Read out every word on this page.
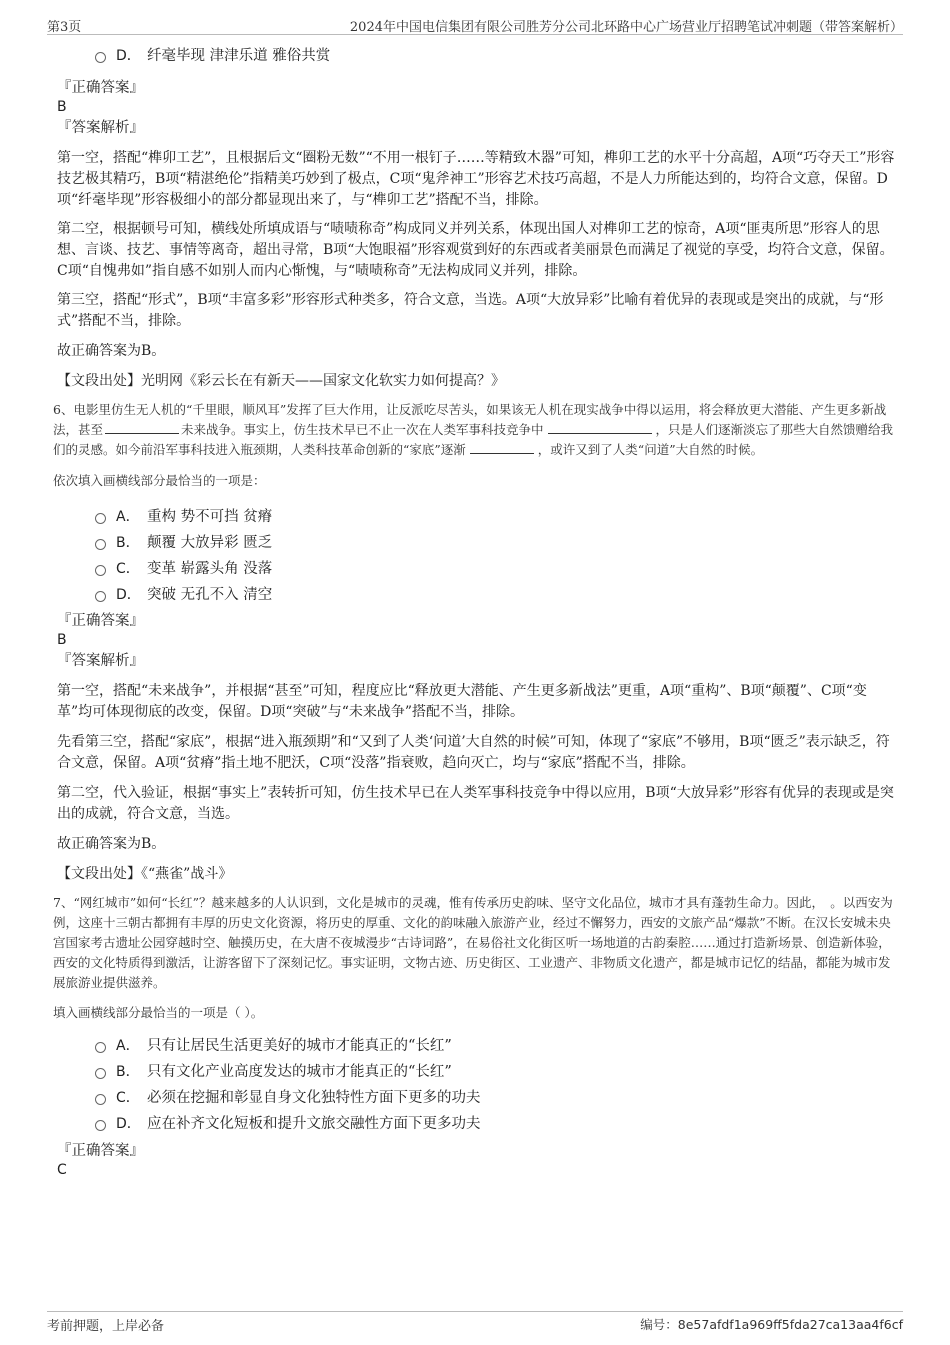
第3页	2024年中国电信集团有限公司胜芳分公司北环路中心广场营业厅招聘笔试冲刺题（带答案解析）
D． 纤毫毕现 津津乐道 雅俗共赏

『正确答案』

B

『答案解析』

第一空，搭配“榫卯工艺”，且根据后文“圈粉无数”“不用一根钉子……等精致木器”可知，榫卯工艺的水平十分高超，A项“巧夺天工”形容技艺极其精巧，B项“精湛绝伦”指精美巧妙到了极点，C项“鬼斧神工”形容艺术技巧高超，不是人力所能达到的，均符合文意，保留。D项“纤毫毕现”形容极细小的部分都显现出来了，与“榫卯工艺”搭配不当，排除。

第二空，根据顿号可知，横线处所填成语与“啧啧称奇”构成同义并列关系，体现出国人对榫卯工艺的惊奇，A项“匪夷所思”形容人的思想、言谈、技艺、事情等离奇，超出寻常，B项“大饱眼福”形容观赏到好的东西或者美丽景色而满足了视觉的享受，均符合文意，保留。C项“自愧弗如”指自感不如别人而内心惭愧，与“啧啧称奇”无法构成同义并列，排除。

第三空，搭配“形式”，B项“丰富多彩”形容形式种类多，符合文意，当选。A项“大放异彩”比喻有着优异的表现或是突出的成就，与“形式”搭配不当，排除。

故正确答案为B。

【文段出处】光明网《彩云长在有新天——国家文化软实力如何提高？》

6、电影里仿生无人机的“千里眼，顺风耳”发挥了巨大作用，让反派吃尽苦头，如果该无人机在现实战争中得以运用，将会释放更大潜能、产生更多新战法，甚至	未来战争。事实上，仿生技术早已不止一次在人类军事科技竞争中	，只是人们逐渐淡忘了那些大自然馈赠给我们的灵感。如今前沿军事科技进入瓶颈期，人类科技革命创新的“家底”逐渐	，或许又到了人类“问道”大自然的时候。

依次填入画横线部分最恰当的一项是：

A． 重构 势不可挡 贫瘠
B． 颠覆 大放异彩 匮乏
C． 变革 崭露头角 没落
D． 突破 无孔不入 清空

『正确答案』

B

『答案解析』

第一空，搭配“未来战争”，并根据“甚至”可知，程度应比“释放更大潜能、产生更多新战法”更重，A项“重构”、B项“颠覆”、C项“变革”均可体现彻底的改变，保留。D项“突破”与“未来战争”搭配不当，排除。

先看第三空，搭配“家底”，根据“进入瓶颈期”和“又到了人类‘问道’大自然的时候”可知，体现了“家底”不够用，B项“匮乏”表示缺乏，符合文意，保留。A项“贫瘠”指土地不肥沃，C项“没落”指衰败，趋向灭亡，均与“家底”搭配不当，排除。

第二空，代入验证，根据“事实上”表转折可知，仿生技术早已在人类军事科技竞争中得以应用，B项“大放异彩”形容有优异的表现或是突出的成就，符合文意，当选。

故正确答案为B。

【文段出处】《“燕雀”战斗》

7、“网红城市”如何“长红”？越来越多的人认识到，文化是城市的灵魂，惟有传承历史韵味、坚守文化品位，城市才具有蓬勃生命力。因此，　。以西安为例，这座十三朝古都拥有丰厚的历史文化资源，将历史的厚重、文化的韵味融入旅游产业，经过不懈努力，西安的文旅产品“爆款”不断。在汉长安城未央宫国家考古遗址公园穿越时空、触摸历史，在大唐不夜城漫步“古诗词路”，在易俗社文化街区听一场地道的古韵秦腔……通过打造新场景、创造新体验，西安的文化特质得到激活，让游客留下了深刻记忆。事实证明，文物古迹、历史街区、工业遗产、非物质文化遗产，都是城市记忆的结晶，都能为城市发展旅游业提供滋养。

填入画横线部分最恰当的一项是（ ）。

A． 只有让居民生活更美好的城市才能真正的“长红”
B． 只有文化产业高度发达的城市才能真正的“长红”
C． 必须在挖掘和彰显自身文化独特性方面下更多的功夫
D． 应在补齐文化短板和提升文旅交融性方面下更多功夫

『正确答案』

C

考前押题，上岸必备	编号：8e57afdf1a969ff5fda27ca13aa4f6cf
